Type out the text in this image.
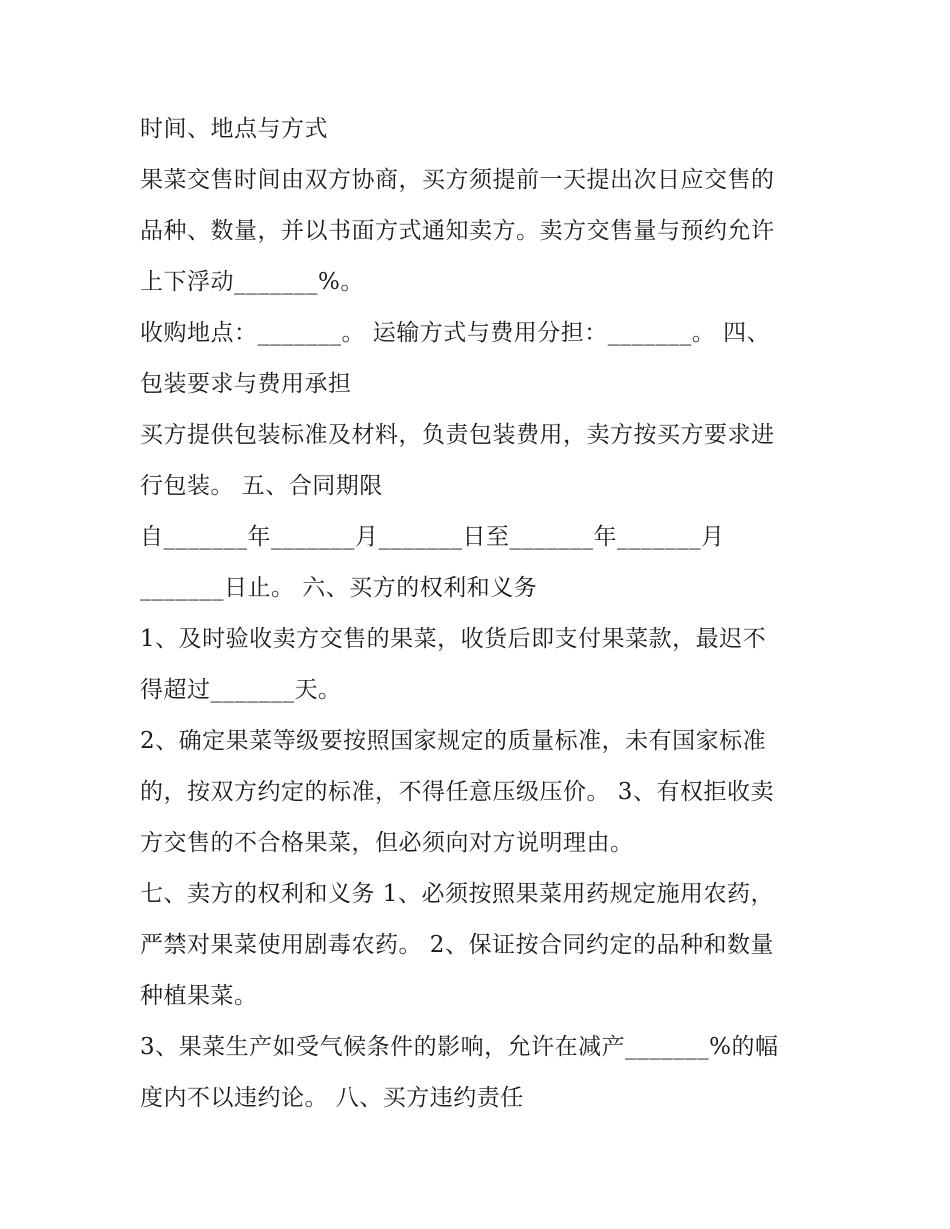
时间、地点与方式
果菜交售时间由双方协商，买方须提前一天提出次日应交售的
品种、数量，并以书面方式通知卖方。卖方交售量与预约允许
上下浮动_______%。
收购地点：_______。 运输方式与费用分担：_______。 四、
包装要求与费用承担
买方提供包装标准及材料，负责包装费用，卖方按买方要求进
行包装。 五、合同期限
自_______年_______月_______日至_______年_______月
_______日止。 六、买方的权利和义务
1、及时验收卖方交售的果菜，收货后即支付果菜款，最迟不
得超过_______天。
2、确定果菜等级要按照国家规定的质量标准，未有国家标准
的，按双方约定的标准，不得任意压级压价。 3、有权拒收卖
方交售的不合格果菜，但必须向对方说明理由。
七、卖方的权利和义务 1、必须按照果菜用药规定施用农药，
严禁对果菜使用剧毒农药。 2、保证按合同约定的品种和数量
种植果菜。
3、果菜生产如受气候条件的影响，允许在减产_______%的幅
度内不以违约论。 八、买方违约责任
